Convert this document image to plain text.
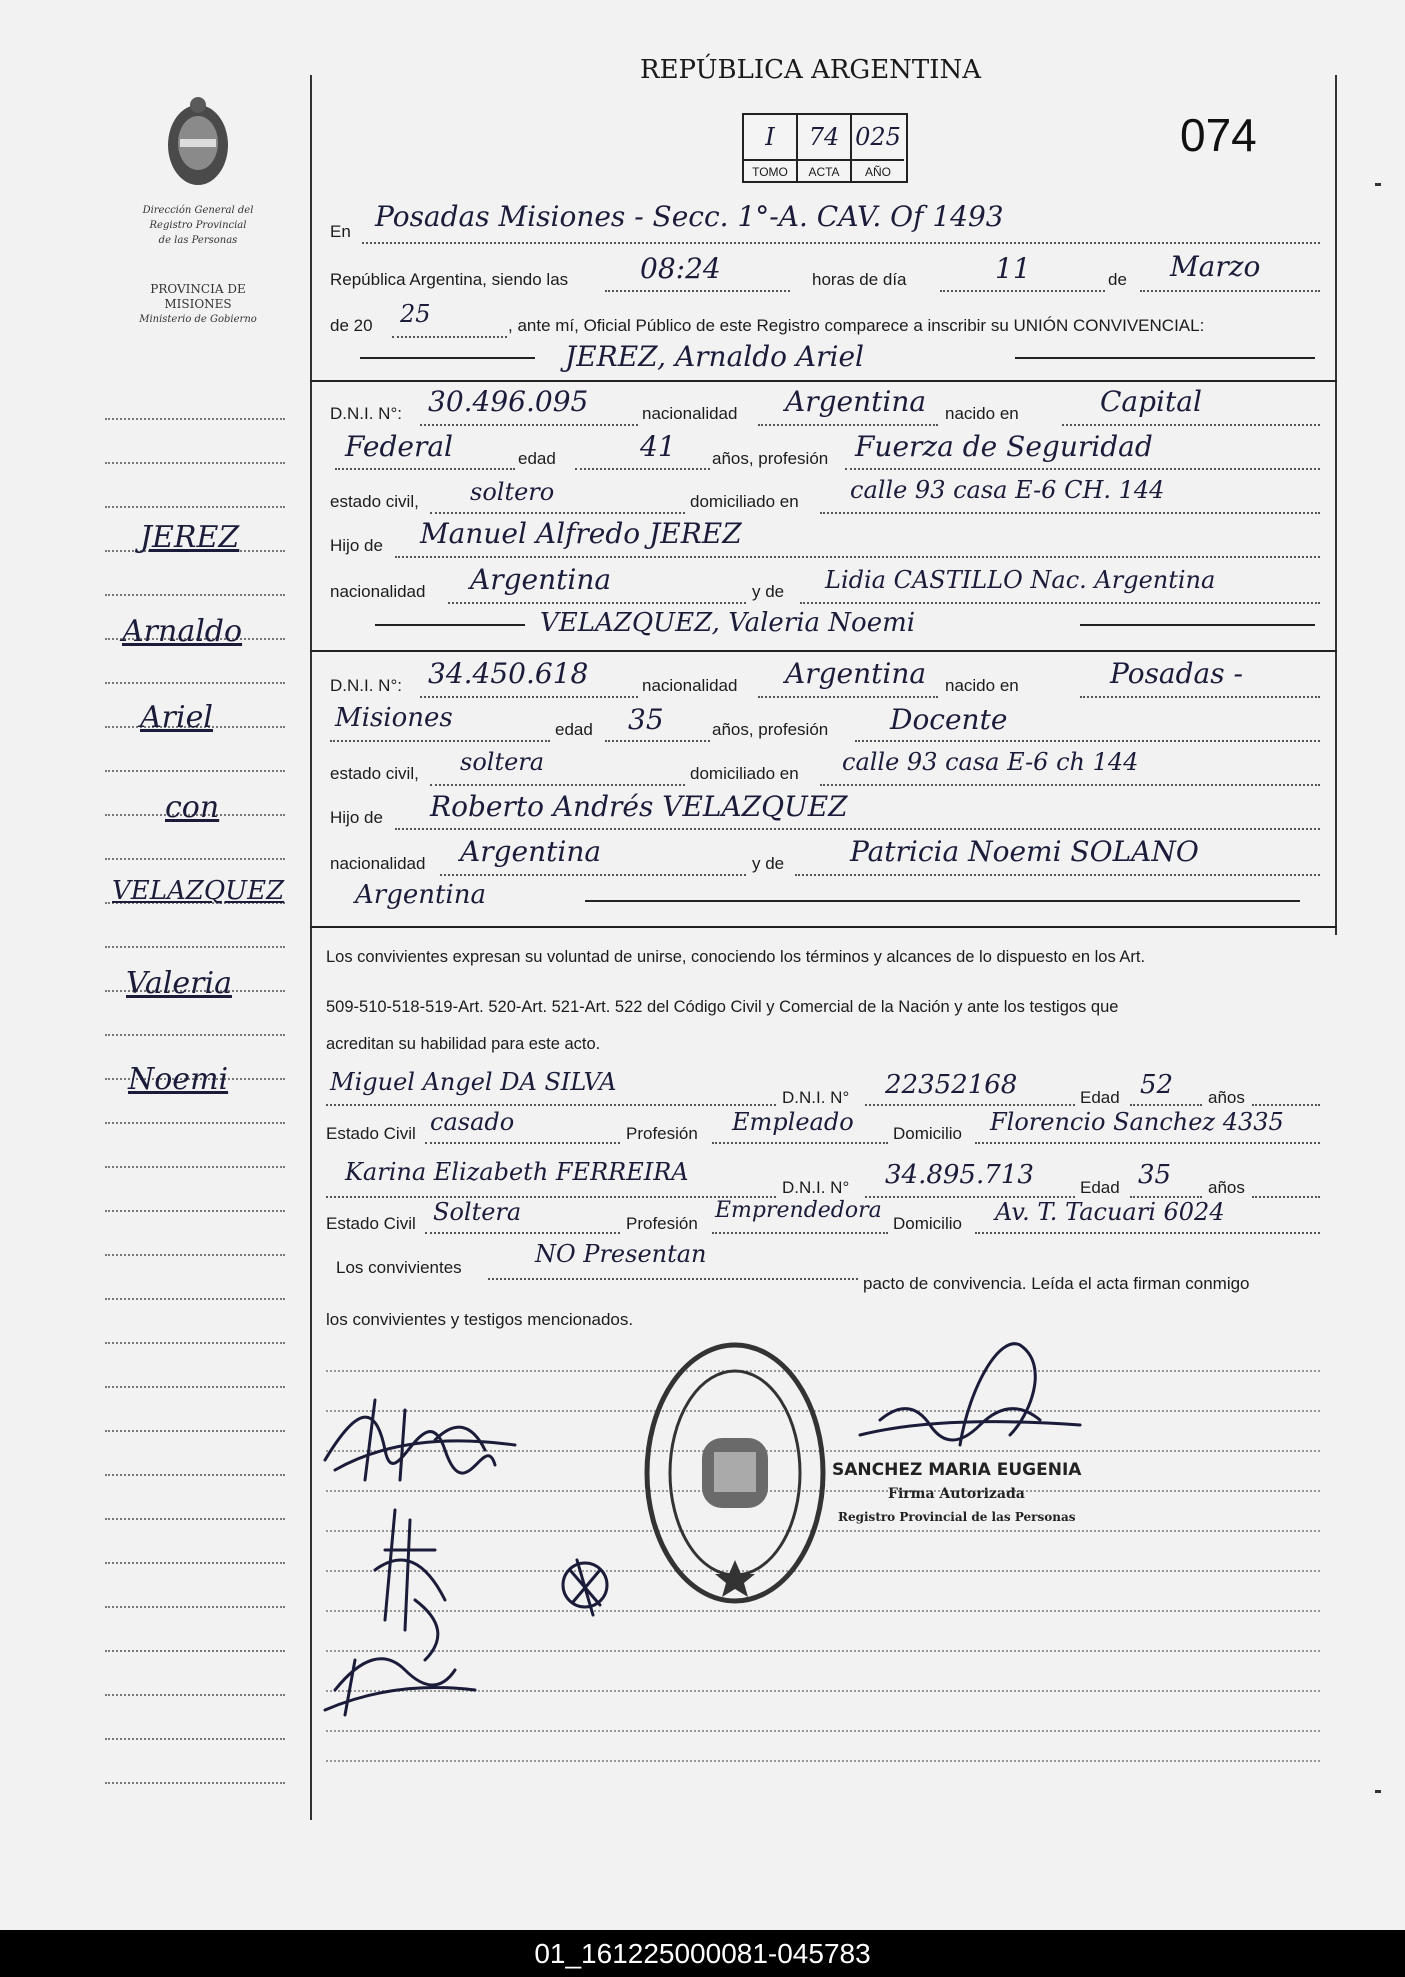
Dirección General del
Registro Provincial
de las Personas
PROVINCIA DE
MISIONES
Ministerio de Gobierno
JEREZ
Arnaldo
Ariel
con
VELAZQUEZ
Valeria
Noemi
REPÚBLICA ARGENTINA
074
I	74 025
TOMO	ACTA	AÑO
En Posadas Misiones - Secc. 1°-A. CAV. Of 1493
República Argentina, siendo las	08:24	horas de día	11	de Marzo
de 20 25	, ante mí, Oficial Público de este Registro comparece a inscribir su UNIÓN CONVIVENCIAL:
JEREZ, Arnaldo Ariel
D.N.I. N°: 30.496.095	nacionalidad Argentina nacido en	Capital
Federal	edad	41 años, profesión Fuerza de Seguridad
estado civil, soltero	domiciliado en calle 93 casa E-6 CH. 144
Hijo de Manuel Alfredo JEREZ
nacionalidad Argentina	y de Lidia CASTILLO Nac. Argentina
VELAZQUEZ, Valeria Noemi
D.N.I. N°: 34.450.618	nacionalidad Argentina nacido en	Posadas -
Misiones	edad 35	años, profesión Docente
estado civil, soltera	domiciliado en calle 93 casa E-6 ch 144
Hijo de Roberto Andrés VELAZQUEZ
nacionalidad Argentina	y de Patricia Noemi SOLANO
Argentina
Los convivientes expresan su voluntad de unirse, conociendo los términos y alcances de lo dispuesto en los Art.
509-510-518-519-Art. 520-Art. 521-Art. 522 del Código Civil y Comercial de la Nación y ante los testigos que
acreditan su habilidad para este acto.
Miguel Angel DA SILVA
D.N.I. N° 22352168	Edad 52 años
Estado Civil casado	Profesión Empleado Domicilio Florencio Sanchez 4335
Karina Elizabeth FERREIRA
D.N.I. N° 34.895.713	Edad 35 años
Estado Civil Soltera	Profesión
Emprendedora
Domicilio Av. T. Tacuari 6024
Los convivientes	NO Presentan
pacto de convivencia. Leída el acta firman conmigo
los convivientes y testigos mencionados.
SANCHEZ MARIA EUGENIA
Firma Autorizada
Registro Provincial de las Personas
01_161225000081-045783
